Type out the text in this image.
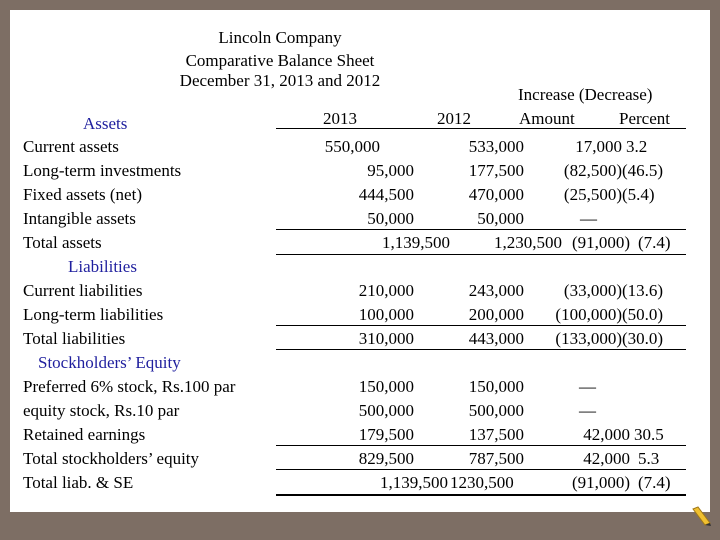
Lincoln Company
Comparative Balance Sheet
December 31, 2013 and 2012
Increase (Decrease)
2013	2012	Amount	Percent
Assets
Current assets	550,000	533,000	17,000 3.2
Long-term investments	95,000	177,500	(82,500) (46.5)
Fixed assets (net)	444,500	470,000	(25,500) (5.4)
Intangible assets	50,000	50,000	—
Total assets	1,139,500	1,230,500 (91,000) (7.4)
Liabilities
Current liabilities	210,000	243,000	(33,000) (13.6)
Long-term liabilities	100,000	200,000	(100,000) (50.0)
Total liabilities	310,000	443,000	(133,000) (30.0)
Stockholders’ Equity
Preferred 6% stock, Rs.100 par	150,000	150,000	—
equity stock, Rs.10 par	500,000	500,000	—
Retained earnings	179,500	137,500	42,000 30.5
Total stockholders’ equity	829,500	787,500	42,000 5.3
Total liab. & SE	1,139,500 1230,500	(91,000) (7.4)
